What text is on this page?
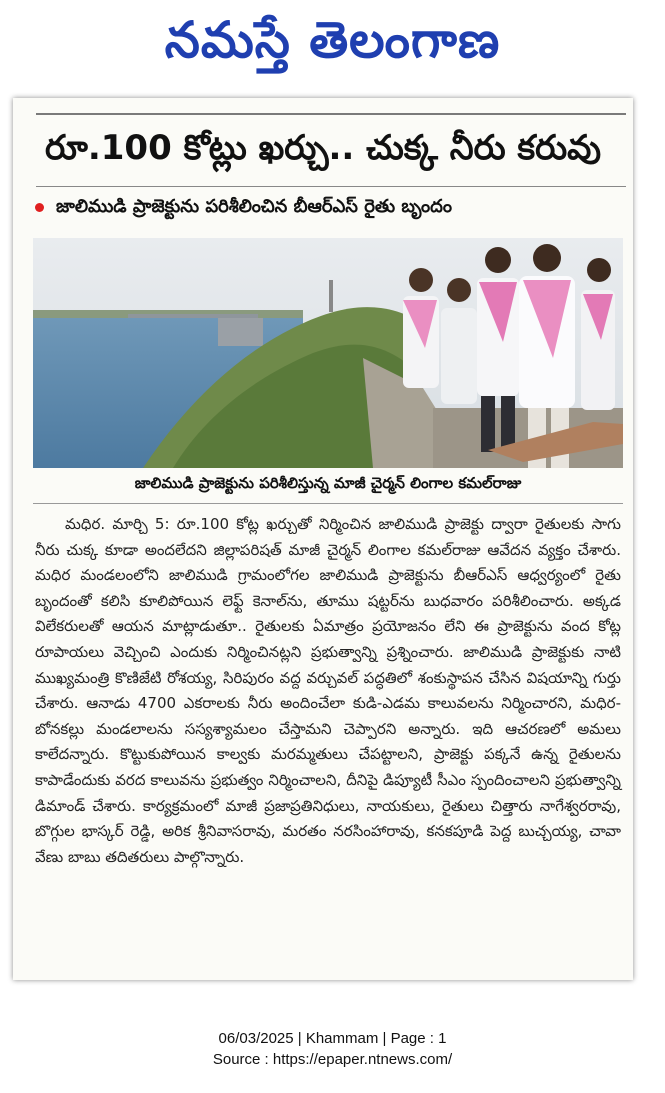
నమస్తే తెలంగాణ
రూ.100 కోట్లు ఖర్చు.. చుక్క నీరు కరువు
జాలిముడి ప్రాజెక్టును పరిశీలించిన బీఆర్ఎస్ రైతు బృందం
జాలిముడి ప్రాజెక్టును పరిశీలిస్తున్న మాజీ చైర్మన్ లింగాల కమల్‌రాజు
మధిర. మార్చి 5: రూ.100 కోట్ల ఖర్చుతో నిర్మించిన జాలిముడి ప్రాజెక్టు ద్వారా రైతులకు సాగు నీరు చుక్క కూడా అందలేదని జిల్లాపరిషత్ మాజీ చైర్మన్ లింగాల కమల్‌రాజు ఆవేదన వ్యక్తం చేశారు. మధిర మండలంలోని జాలిముడి గ్రామంలోగల జాలిముడి ప్రాజెక్టును బీఆర్ఎస్ ఆధ్వర్యంలో రైతు బృందంతో కలిసి కూలిపోయిన లెఫ్ట్ కెనాల్‌ను, తూము షట్టర్‌ను బుధవారం పరిశీలించారు. అక్కడ విలేకరులతో ఆయన మాట్లాడుతూ.. రైతులకు ఏమాత్రం ప్రయోజనం లేని ఈ ప్రాజెక్టును వంద కోట్ల రూపాయలు వెచ్చించి ఎందుకు నిర్మించినట్లని ప్రభుత్వాన్ని ప్రశ్నించారు. జాలిముడి ప్రాజెక్టుకు నాటి ముఖ్యమంత్రి కొణిజేటి రోశయ్య, సిరిపురం వద్ద వర్చువల్ పద్ధతిలో శంకుస్థాపన చేసిన విషయాన్ని గుర్తు చేశారు. ఆనాడు 4700 ఎకరాలకు నీరు అందించేలా కుడి-ఎడమ కాలువలను నిర్మించారని, మధిర-బోనకల్లు మండలాలను సస్యశ్యామలం చేస్తామని చెప్పారని అన్నారు. ఇది ఆచరణలో అమలు కాలేదన్నారు. కొట్టుకుపోయిన కాల్వకు మరమ్మతులు చేపట్టాలని, ప్రాజెక్టు పక్కనే ఉన్న రైతులను కాపాడేందుకు వరద కాలువను ప్రభుత్వం నిర్మించాలని, దీనిపై డిప్యూటీ సీఎం స్పందించాలని ప్రభుత్వాన్ని డిమాండ్ చేశారు. కార్యక్రమంలో మాజీ ప్రజాప్రతినిధులు, నాయకులు, రైతులు చిత్తారు నాగేశ్వరరావు, బొగ్గుల భాస్కర్ రెడ్డి, అరిక శ్రీనివాసరావు, మరతం నరసింహారావు, కనకపూడి పెద్ద బుచ్చయ్య, చావా వేణు బాబు తదితరులు పాల్గొన్నారు.
06/03/2025 | Khammam | Page : 1
Source : https://epaper.ntnews.com/
